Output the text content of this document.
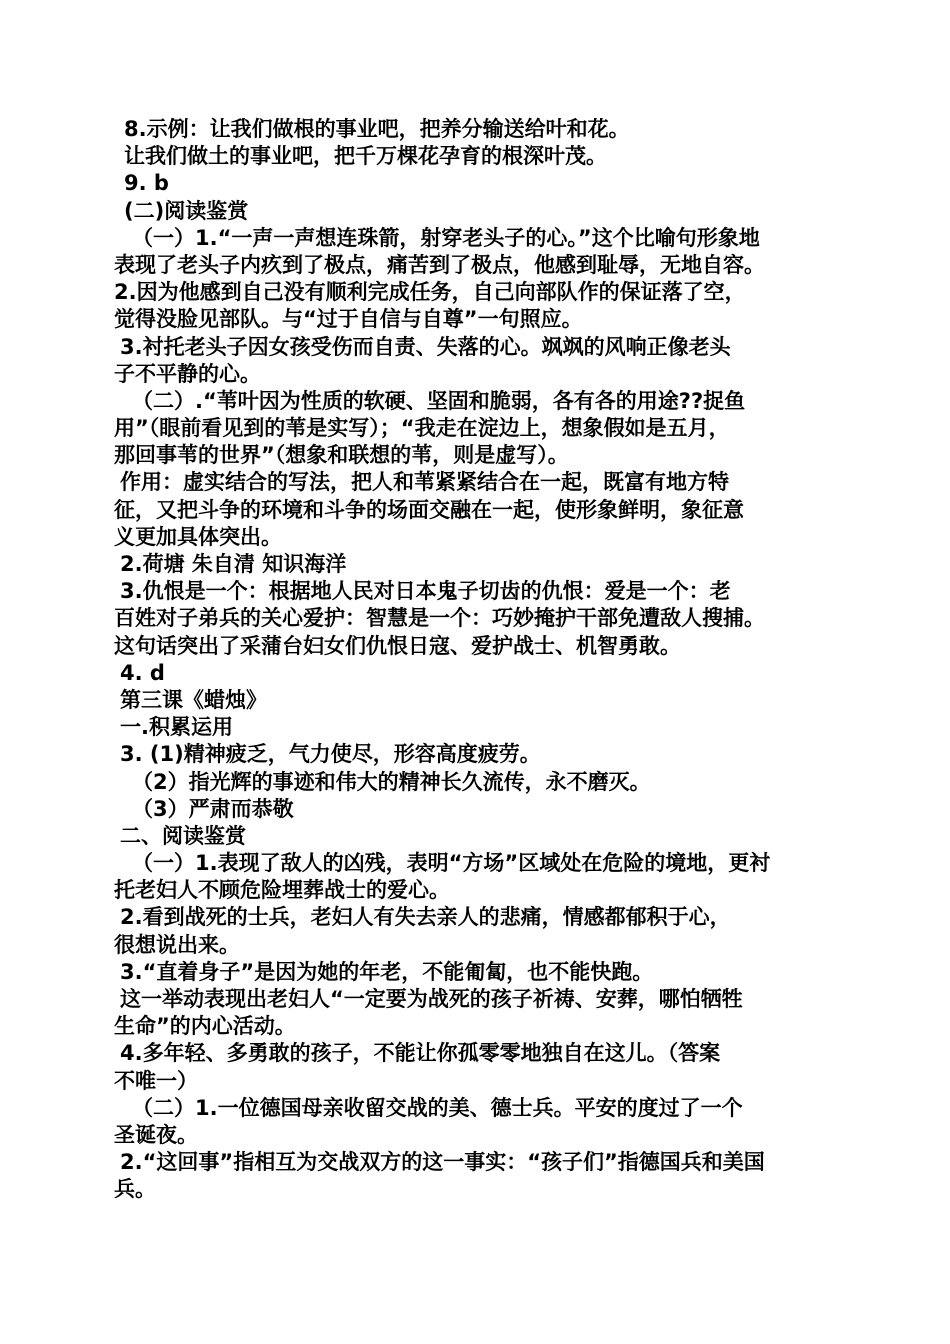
8.示例：让我们做根的事业吧，把养分输送给叶和花。
让我们做土的事业吧，把千万棵花孕育的根深叶茂。
9. b
(二)阅读鉴赏
（一）1.“一声一声想连珠箭，射穿老头子的心。”这个比喻句形象地
表现了老头子内疚到了极点，痛苦到了极点，他感到耻辱，无地自容。
2.因为他感到自己没有顺利完成任务，自己向部队作的保证落了空，
觉得没脸见部队。与“过于自信与自尊”一句照应。
3.衬托老头子因女孩受伤而自责、失落的心。飒飒的风响正像老头
子不平静的心。
（二）.“苇叶因为性质的软硬、坚固和脆弱，各有各的用途??捉鱼
用”（眼前看见到的苇是实写）；“我走在淀边上，想象假如是五月，
那回事苇的世界”（想象和联想的苇，则是虚写）。
作用：虚实结合的写法，把人和苇紧紧结合在一起，既富有地方特
征，又把斗争的环境和斗争的场面交融在一起，使形象鲜明，象征意
义更加具体突出。
2.荷塘 朱自清 知识海洋
3.仇恨是一个：根据地人民对日本鬼子切齿的仇恨：爱是一个：老
百姓对子弟兵的关心爱护：智慧是一个：巧妙掩护干部免遭敌人搜捕。
这句话突出了采蒲台妇女们仇恨日寇、爱护战士、机智勇敢。
4. d
第三课《蜡烛》
一.积累运用
3. (1)精神疲乏，气力使尽，形容高度疲劳。
（2）指光辉的事迹和伟大的精神长久流传，永不磨灭。
（3）严肃而恭敬
二、阅读鉴赏
（一）1.表现了敌人的凶残，表明“方场”区域处在危险的境地，更衬
托老妇人不顾危险埋葬战士的爱心。
2.看到战死的士兵，老妇人有失去亲人的悲痛，情感都郁积于心，
很想说出来。
3.“直着身子”是因为她的年老，不能匍匐，也不能快跑。
这一举动表现出老妇人“一定要为战死的孩子祈祷、安葬，哪怕牺牲
生命”的内心活动。
4.多年轻、多勇敢的孩子，不能让你孤零零地独自在这儿。（答案
不唯一）
（二）1.一位德国母亲收留交战的美、德士兵。平安的度过了一个
圣诞夜。
2.“这回事”指相互为交战双方的这一事实：“孩子们”指德国兵和美国
兵。
